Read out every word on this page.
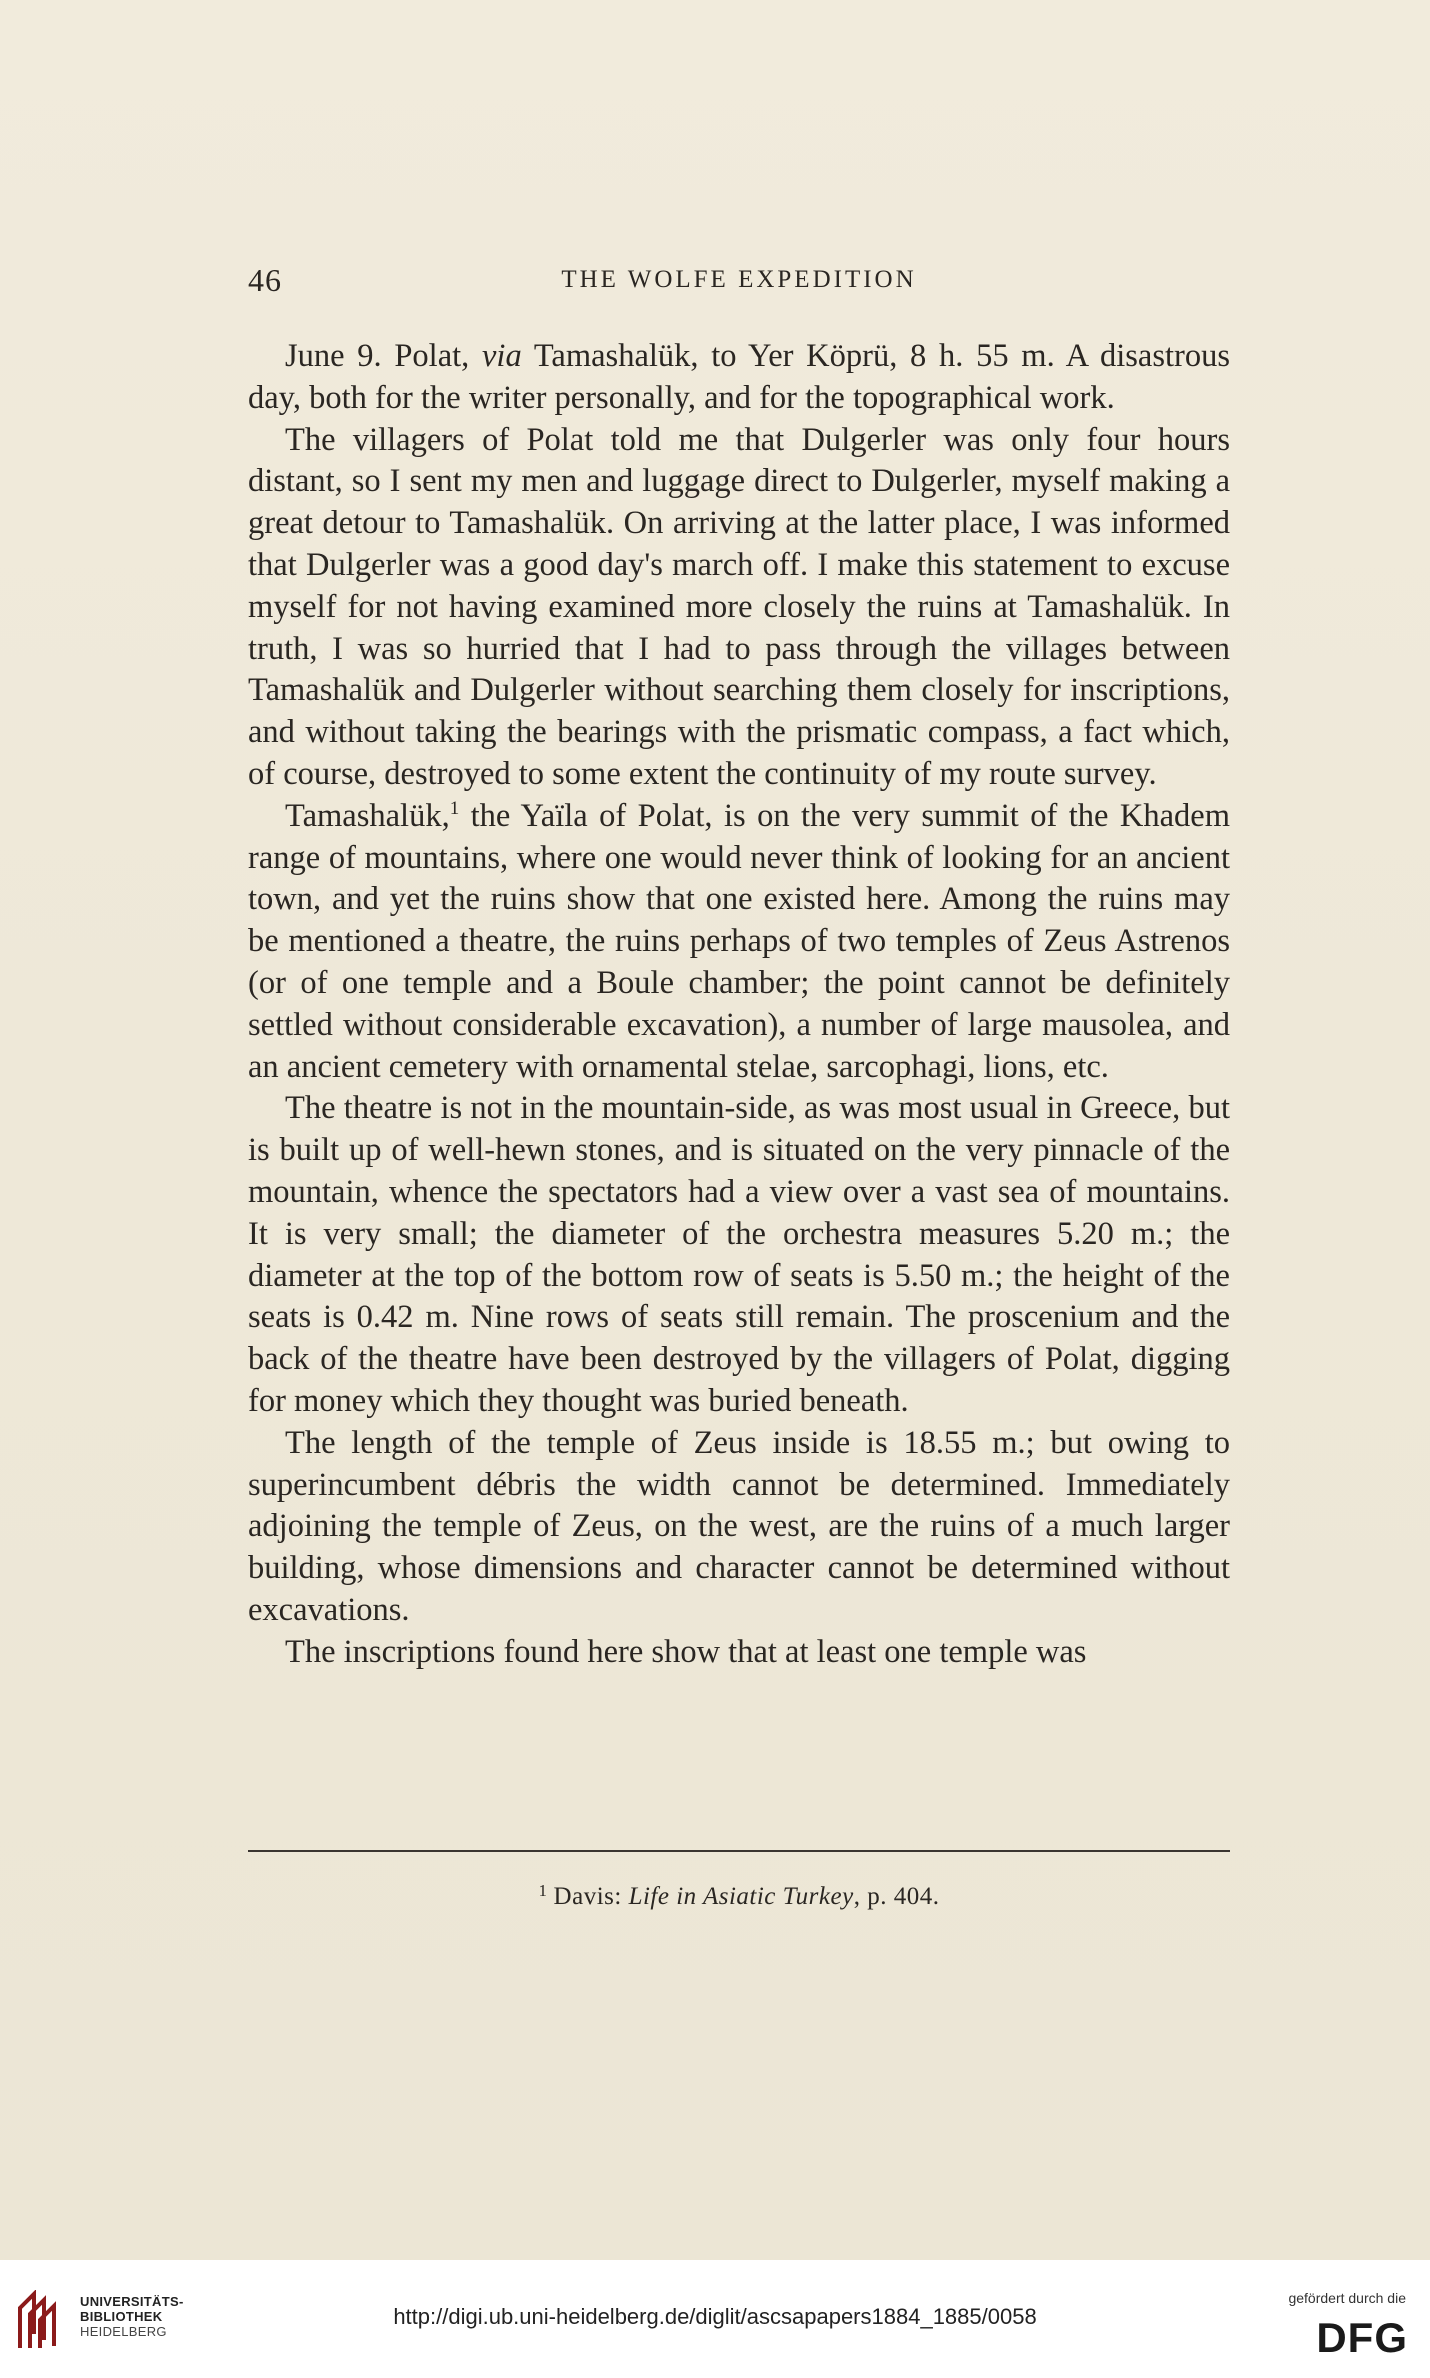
46	THE WOLFE EXPEDITION

June 9. Polat, via Tamashalük, to Yer Köprü, 8 h. 55 m. A disastrous day, both for the writer personally, and for the topographical work.

The villagers of Polat told me that Dulgerler was only four hours distant, so I sent my men and luggage direct to Dulgerler, myself making a great detour to Tamashalük. On arriving at the latter place, I was informed that Dulgerler was a good day's march off. I make this statement to excuse myself for not having examined more closely the ruins at Tamashalük. In truth, I was so hurried that I had to pass through the villages between Tamashalük and Dulgerler without searching them closely for inscriptions, and without taking the bearings with the prismatic compass, a fact which, of course, destroyed to some extent the continuity of my route survey.

Tamashalük,$^1$ the Yaïla of Polat, is on the very summit of the Khadem range of mountains, where one would never think of looking for an ancient town, and yet the ruins show that one existed here. Among the ruins may be mentioned a theatre, the ruins perhaps of two temples of Zeus Astrenos (or of one temple and a Boule chamber; the point cannot be definitely settled without considerable excavation), a number of large mausolea, and an ancient cemetery with ornamental stelae, sarcophagi, lions, etc.

The theatre is not in the mountain-side, as was most usual in Greece, but is built up of well-hewn stones, and is situated on the very pinnacle of the mountain, whence the spectators had a view over a vast sea of mountains. It is very small; the diameter of the orchestra measures 5.20 m.; the diameter at the top of the bottom row of seats is 5.50 m.; the height of the seats is 0.42 m. Nine rows of seats still remain. The proscenium and the back of the theatre have been destroyed by the villagers of Polat, digging for money which they thought was buried beneath.

The length of the temple of Zeus inside is 18.55 m.; but owing to superincumbent débris the width cannot be determined. Immediately adjoining the temple of Zeus, on the west, are the ruins of a much larger building, whose dimensions and character cannot be determined without excavations.

The inscriptions found here show that at least one temple was

$^1$ Davis: Life in Asiatic Turkey, p. 404.
UNIVERSITÄTS-
BIBLIOTHEK
HEIDELBERG
http://digi.ub.uni-heidelberg.de/diglit/ascsapapers1884_1885/0058
gefördert durch die
DFG
